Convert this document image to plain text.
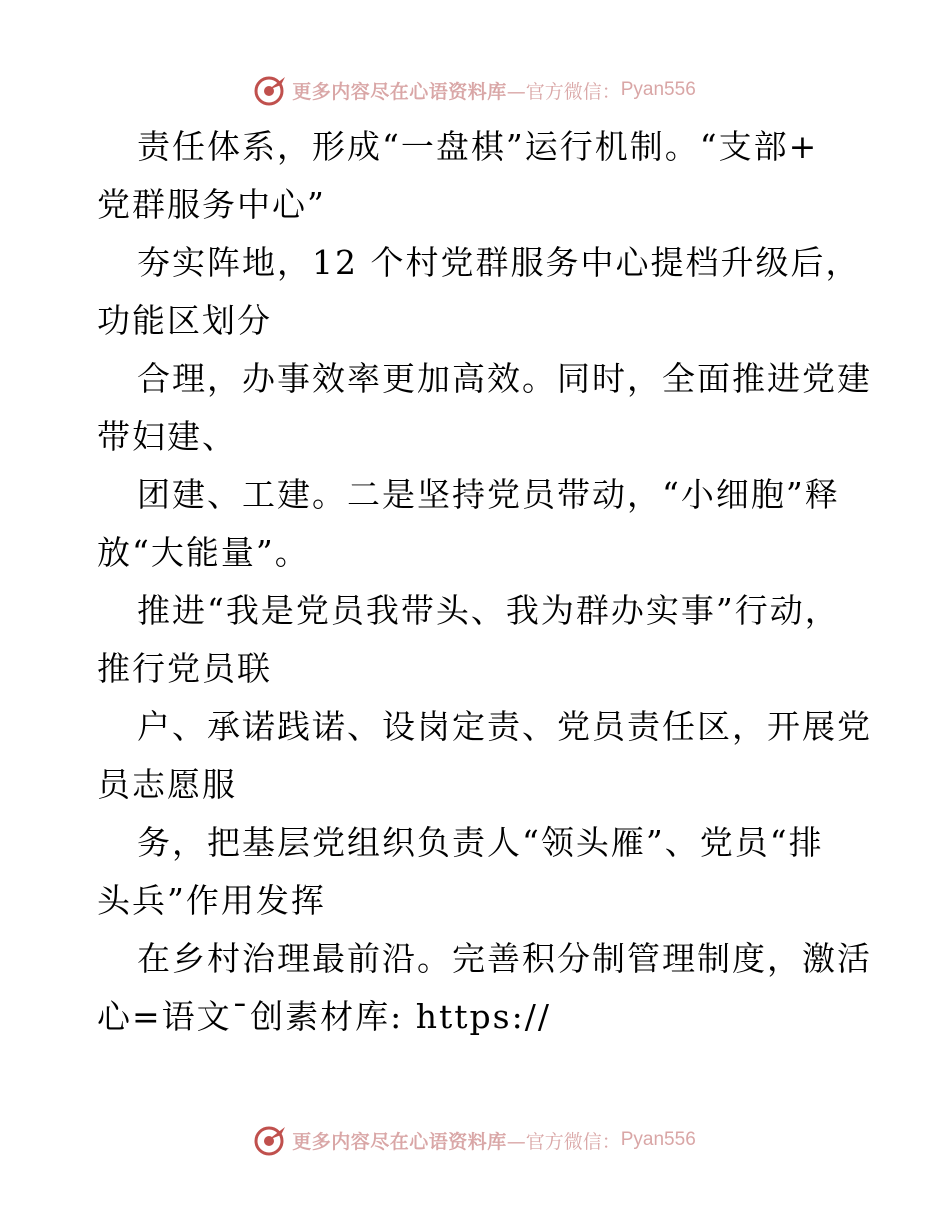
更多内容尽在心语资料库 —官方微信： Pyan556
责任体系，形成“一盘棋”运行机制。“支部+
党群服务中心”
夯实阵地，12 个村党群服务中心提档升级后，
功能区划分
合理，办事效率更加高效。同时，全面推进党建
带妇建、
团建、工建。二是坚持党员带动，“小细胞”释
放“大能量”。
推进“我是党员我带头、我为群办实事”行动，
推行党员联
户、承诺践诺、设岗定责、党员责任区，开展党
员志愿服
务，把基层党组织负责人“领头雁”、党员“排
头兵”作用发挥
在乡村治理最前沿。完善积分制管理制度，激活
心=语文¯创素材库: https://
更多内容尽在心语资料库 —官方微信： Pyan556
